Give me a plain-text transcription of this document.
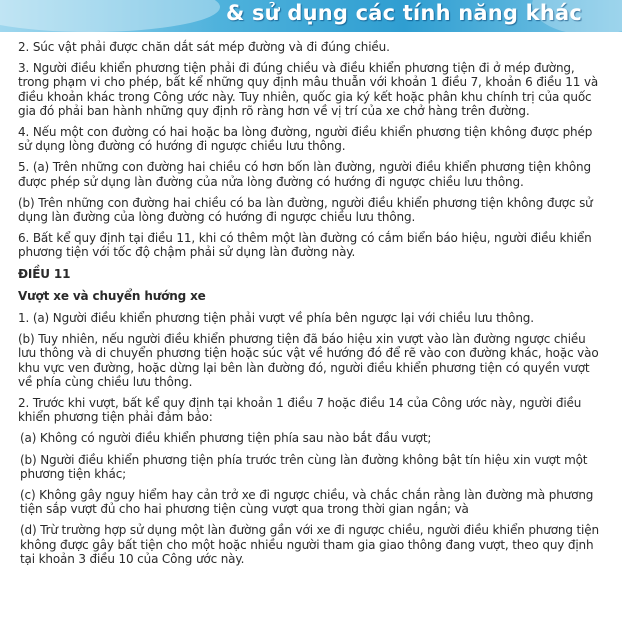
& sử dụng các tính năng khác

2. Súc vật phải được chăn dắt sát mép đường và đi đúng chiều.

3. Người điều khiển phương tiện phải đi đúng chiều và điều khiển phương tiện đi ở mép đường, trong phạm vi cho phép, bất kể những quy định mâu thuẫn với khoản 1 điều 7, khoản 6 điều 11 và điều khoản khác trong Công ước này. Tuy nhiên, quốc gia ký kết hoặc phân khu chính trị của quốc gia đó phải ban hành những quy định rõ ràng hơn về vị trí của xe chở hàng trên đường.

4. Nếu một con đường có hai hoặc ba lòng đường, người điều khiển phương tiện không được phép sử dụng lòng đường có hướng đi ngược chiều lưu thông.

5. (a) Trên những con đường hai chiều có hơn bốn làn đường, người điều khiển phương tiện không được phép sử dụng làn đường của nửa lòng đường có hướng đi ngược chiều lưu thông.

(b) Trên những con đường hai chiều có ba làn đường, người điều khiển phương tiện không được sử dụng làn đường của lòng đường có hướng đi ngược chiều lưu thông.

6. Bất kể quy định tại điều 11, khi có thêm một làn đường có cắm biển báo hiệu, người điều khiển phương tiện với tốc độ chậm phải sử dụng làn đường này.

ĐIỀU 11

Vượt xe và chuyển hướng xe

1. (a) Người điều khiển phương tiện phải vượt về phía bên ngược lại với chiều lưu thông.

(b) Tuy nhiên, nếu người điều khiển phương tiện đã báo hiệu xin vượt vào làn đường ngược chiều lưu thông và di chuyển phương tiện hoặc súc vật về hướng đó để rẽ vào con đường khác, hoặc vào khu vực ven đường, hoặc dừng lại bên làn đường đó, người điều khiển phương tiện có quyền vượt về phía cùng chiều lưu thông.

2. Trước khi vượt, bất kể quy định tại khoản 1 điều 7 hoặc điều 14 của Công ước này, người điều khiển phương tiện phải đảm bảo:

(a) Không có người điều khiển phương tiện phía sau nào bắt đầu vượt;

(b) Người điều khiển phương tiện phía trước trên cùng làn đường không bật tín hiệu xin vượt một phương tiện khác;

(c) Không gây nguy hiểm hay cản trở xe đi ngược chiều, và chắc chắn rằng làn đường mà phương tiện sắp vượt đủ cho hai phương tiện cùng vượt qua trong thời gian ngắn; và

(d) Trừ trường hợp sử dụng một làn đường gần với xe đi ngược chiều, người điều khiển phương tiện không được gây bất tiện cho một hoặc nhiều người tham gia giao thông đang vượt, theo quy định tại khoản 3 điều 10 của Công ước này.
